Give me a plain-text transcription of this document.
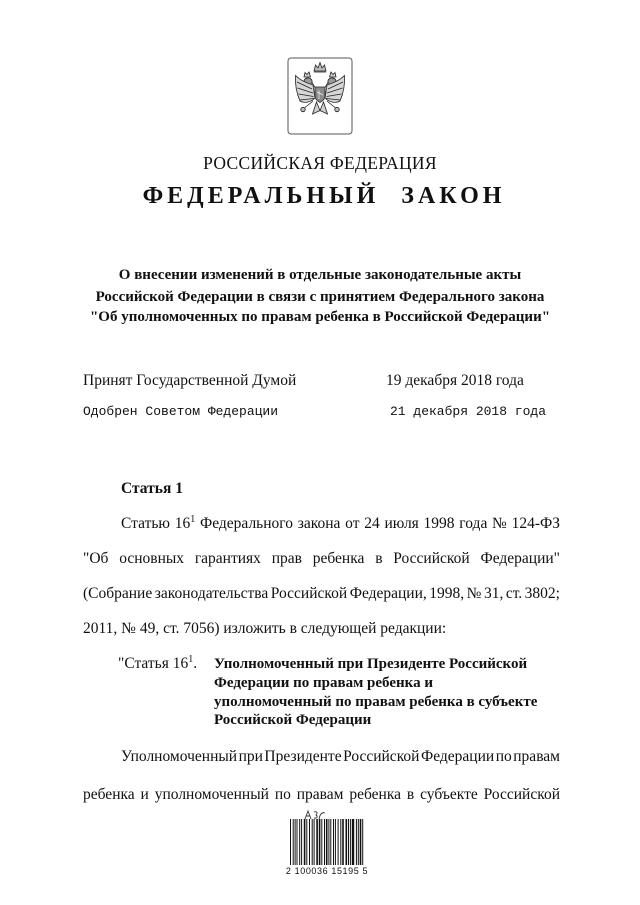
РОССИЙСКАЯ ФЕДЕРАЦИЯ
ФЕДЕРАЛЬНЫЙ ЗАКОН
О внесении изменений в отдельные законодательные акты
Российской Федерации в связи с принятием Федерального закона
"Об уполномоченных по правам ребенка в Российской Федерации"
Принят Государственной Думой	19 декабря 2018 года
Одобрен Советом Федерации	21 декабря 2018 года
Статья 1
Статью $16^1$ Федерального закона от 24 июля 1998 года № 124-ФЗ
"Об основных гарантиях прав ребенка в Российской Федерации"
(Собрание законодательства Российской Федерации, 1998, № 31, ст. 3802;
2011, № 49, ст. 7056) изложить в следующей редакции:
"Статья $16^1$. Уполномоченный при Президенте Российской
Федерации по правам ребенка и
уполномоченный по правам ребенка в субъекте
Российской Федерации
Уполномоченный при Президенте Российской Федерации по правам
ребенка и уполномоченный по правам ребенка в субъекте Российской
2 100036 15195 5
